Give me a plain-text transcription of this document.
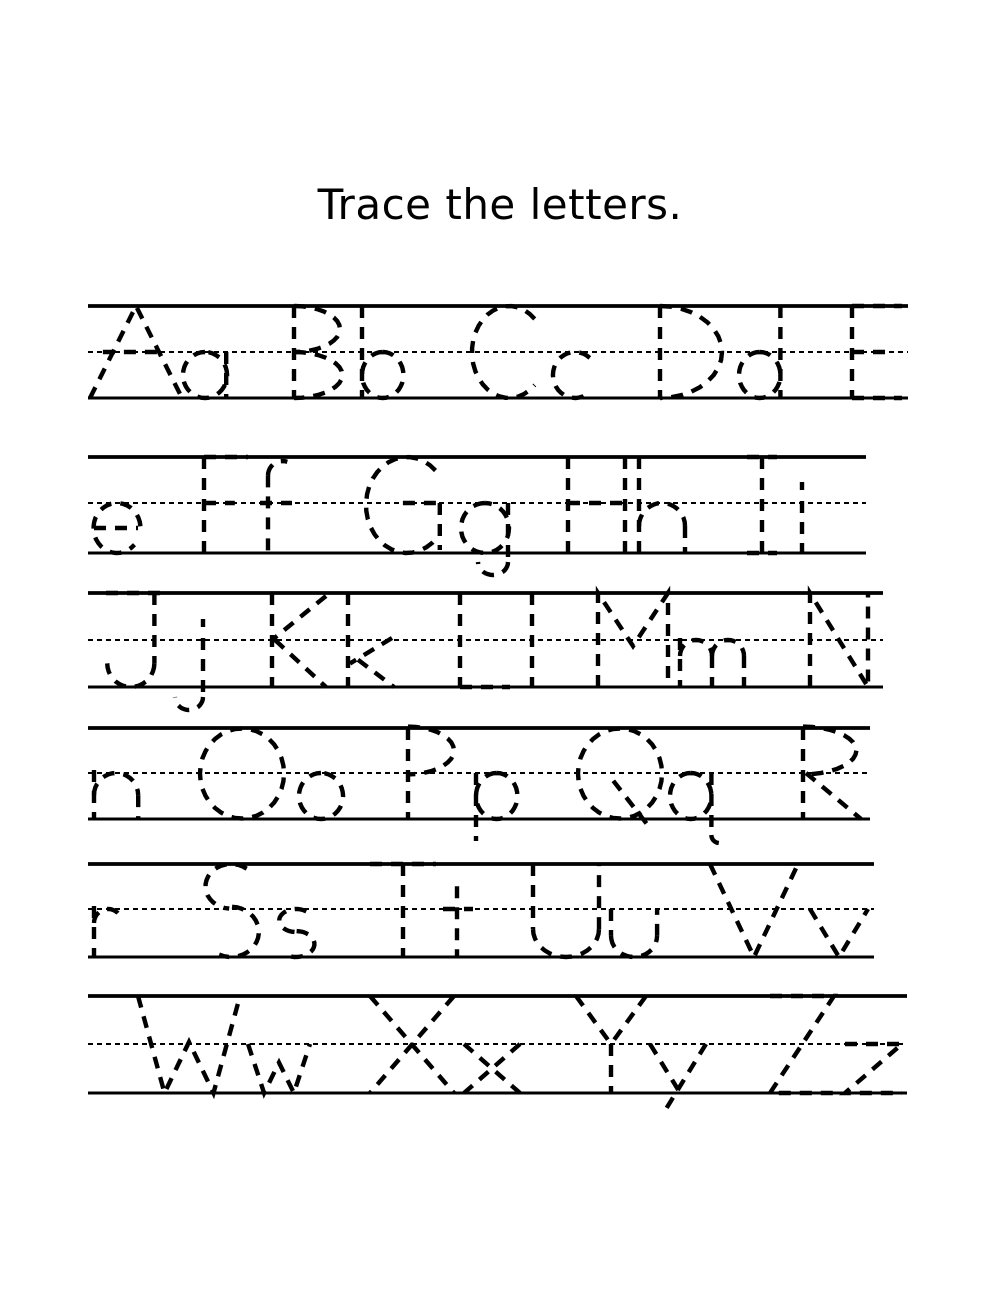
Trace the letters.
